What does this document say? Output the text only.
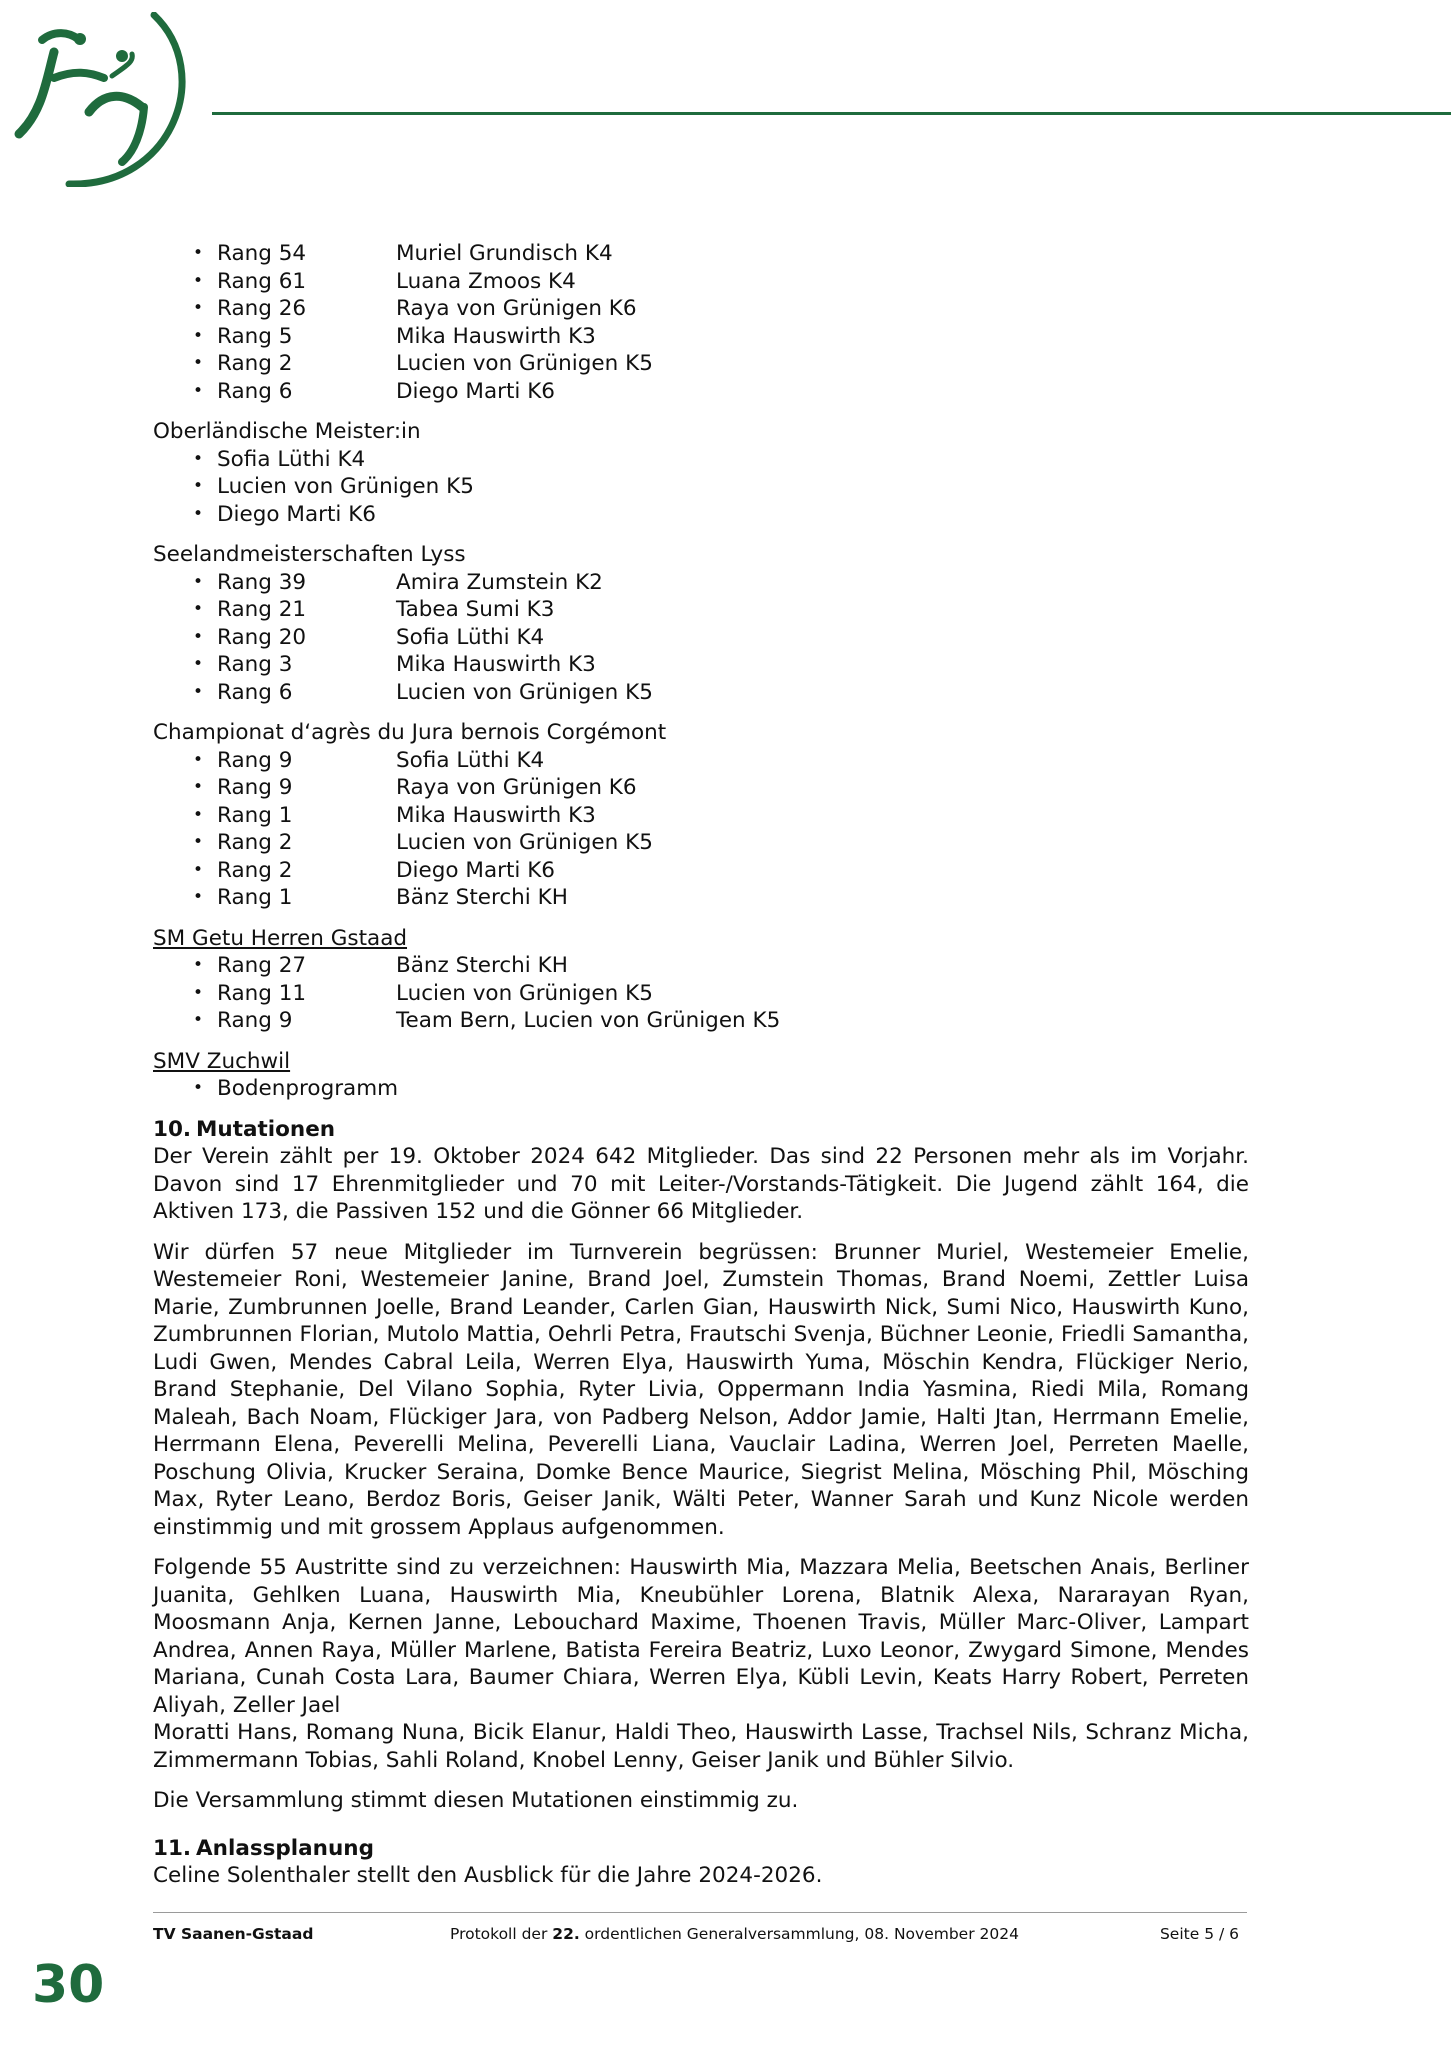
• Rang 54	Muriel Grundisch K4
• Rang 61	Luana Zmoos K4
• Rang 26	Raya von Grünigen K6
• Rang 5	Mika Hauswirth K3
• Rang 2	Lucien von Grünigen K5
• Rang 6	Diego Marti K6
Oberländische Meister:in
• Sofia Lüthi K4
• Lucien von Grünigen K5
• Diego Marti K6
Seelandmeisterschaften Lyss
• Rang 39	Amira Zumstein K2
• Rang 21	Tabea Sumi K3
• Rang 20	Sofia Lüthi K4
• Rang 3	Mika Hauswirth K3
• Rang 6	Lucien von Grünigen K5
Championat d‘agrès du Jura bernois Corgémont
• Rang 9	Sofia Lüthi K4
• Rang 9	Raya von Grünigen K6
• Rang 1	Mika Hauswirth K3
• Rang 2	Lucien von Grünigen K5
• Rang 2	Diego Marti K6
• Rang 1	Bänz Sterchi KH
SM Getu Herren Gstaad
• Rang 27	Bänz Sterchi KH
• Rang 11	Lucien von Grünigen K5
• Rang 9	Team Bern, Lucien von Grünigen K5
SMV Zuchwil
• Bodenprogramm
10. Mutationen

Der Verein zählt per 19. Oktober 2024 642 Mitglieder. Das sind 22 Personen mehr als im Vorjahr. Davon sind 17 Ehrenmitglieder und 70 mit Leiter-/Vorstands-Tätigkeit. Die Jugend zählt 164, die Aktiven 173, die Passiven 152 und die Gönner 66 Mitglieder.

Wir dürfen 57 neue Mitglieder im Turnverein begrüssen: Brunner Muriel, Westemeier Emelie, Westemeier Roni, Westemeier Janine, Brand Joel, Zumstein Thomas, Brand Noemi, Zettler Luisa Marie, Zumbrunnen Joelle, Brand Leander, Carlen Gian, Hauswirth Nick, Sumi Nico, Hauswirth Kuno, Zumbrunnen Florian, Mutolo Mattia, Oehrli Petra, Frautschi Svenja, Büchner Leonie, Friedli Samantha, Ludi Gwen, Mendes Cabral Leila, Werren Elya, Hauswirth Yuma, Möschin Kendra, Flückiger Nerio, Brand Stephanie, Del Vilano Sophia, Ryter Livia, Oppermann India Yasmina, Riedi Mila, Romang Maleah, Bach Noam, Flückiger Jara, von Padberg Nelson, Addor Jamie, Halti Jtan, Herrmann Emelie, Herrmann Elena, Peverelli Melina, Peverelli Liana, Vauclair Ladina, Werren Joel, Perreten Maelle, Poschung Olivia, Krucker Seraina, Domke Bence Maurice, Siegrist Melina, Mösching Phil, Mösching Max, Ryter Leano, Berdoz Boris, Geiser Janik, Wälti Peter, Wanner Sarah und Kunz Nicole werden einstimmig und mit grossem Applaus aufgenommen.

Folgende 55 Austritte sind zu verzeichnen: Hauswirth Mia, Mazzara Melia, Beetschen Anais, Berliner Juanita, Gehlken Luana, Hauswirth Mia, Kneubühler Lorena, Blatnik Alexa, Nararayan Ryan, Moosmann Anja, Kernen Janne, Lebouchard Maxime, Thoenen Travis, Müller Marc-Oliver, Lampart Andrea, Annen Raya, Müller Marlene, Batista Fereira Beatriz, Luxo Leonor, Zwygard Simone, Mendes Mariana, Cunah Costa Lara, Baumer Chiara, Werren Elya, Kübli Levin, Keats Harry Robert, Perreten Aliyah, Zeller Jael
Moratti Hans, Romang Nuna, Bicik Elanur, Haldi Theo, Hauswirth Lasse, Trachsel Nils, Schranz Micha, Zimmermann Tobias, Sahli Roland, Knobel Lenny, Geiser Janik und Bühler Silvio.

Die Versammlung stimmt diesen Mutationen einstimmig zu.

11. Anlassplanung

Celine Solenthaler stellt den Ausblick für die Jahre 2024-2026.

TV Saanen-Gstaad	Protokoll der 22. ordentlichen Generalversammlung, 08. November 2024	Seite 5 / 6
30
